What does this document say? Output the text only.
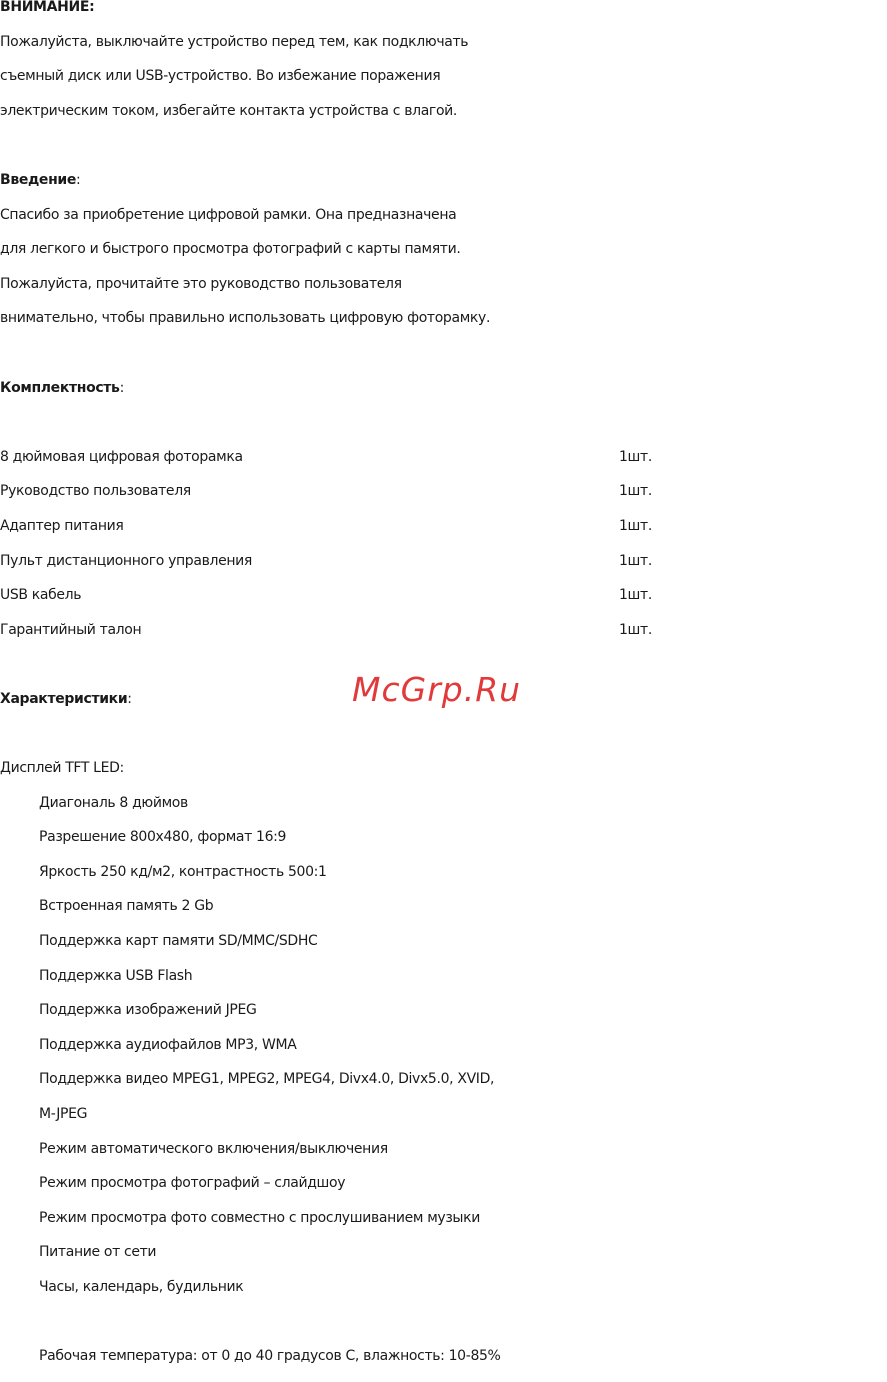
ВНИМАНИЕ:
Пожалуйста, выключайте устройство перед тем, как подключать
съемный диск или USB-устройство. Во избежание поражения
электрическим током, избегайте контакта устройства с влагой.
Введение:
Спасибо за приобретение цифровой рамки. Она предназначена
для легкого и быстрого просмотра фотографий с карты памяти.
Пожалуйста, прочитайте это руководство пользователя
внимательно, чтобы правильно использовать цифровую фоторамку.
Комплектность:
8 дюймовая цифровая фоторамка	1шт.
Руководство пользователя	1шт.
Адаптер питания	1шт.
Пульт дистанционного управления	1шт.
USB кабель	1шт.
Гарантийный талон	1шт.
Характеристики:
Дисплей TFT LED:
Диагональ 8 дюймов
Разрешение 800x480, формат 16:9
Яркость 250 кд/м2, контрастность 500:1
Встроенная память 2 Gb
Поддержка карт памяти SD/MMC/SDHC
Поддержка USB Flash
Поддержка изображений JPEG
Поддержка аудиофайлов MP3, WMA
Поддержка видео MPEG1, MPEG2, MPEG4, Divx4.0, Divx5.0, XVID,
M-JPEG
Режим автоматического включения/выключения
Режим просмотра фотографий – слайдшоу
Режим просмотра фото совместно с прослушиванием музыки
Питание от сети
Часы, календарь, будильник
Рабочая температура: от 0 до 40 градусов С, влажность: 10-85%
McGrp.Ru
